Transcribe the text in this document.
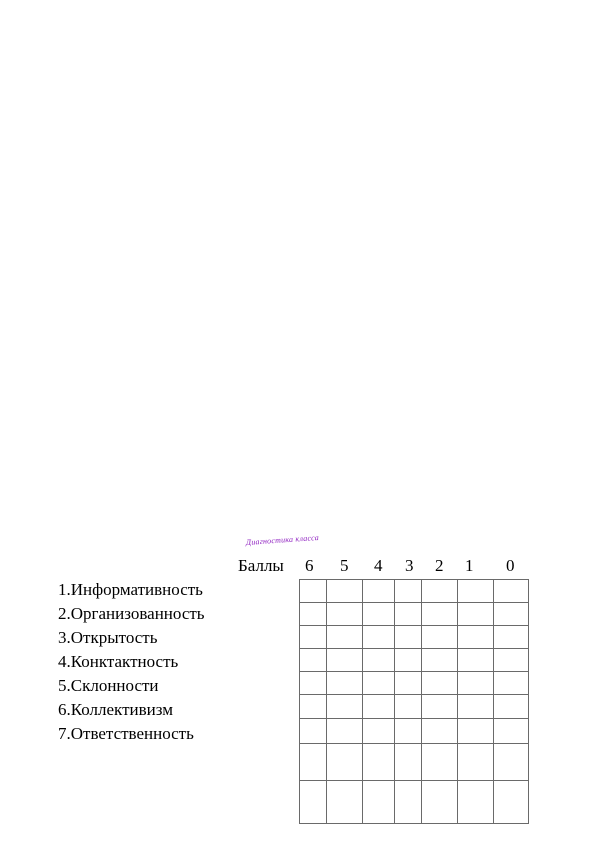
Диагностика класса
Баллы 6 5 4 3 2 1 0
1.Информативность
2.Организованность
3.Открытость
4.Конктактность
5.Склонности
6.Коллективизм
7.Ответственность
